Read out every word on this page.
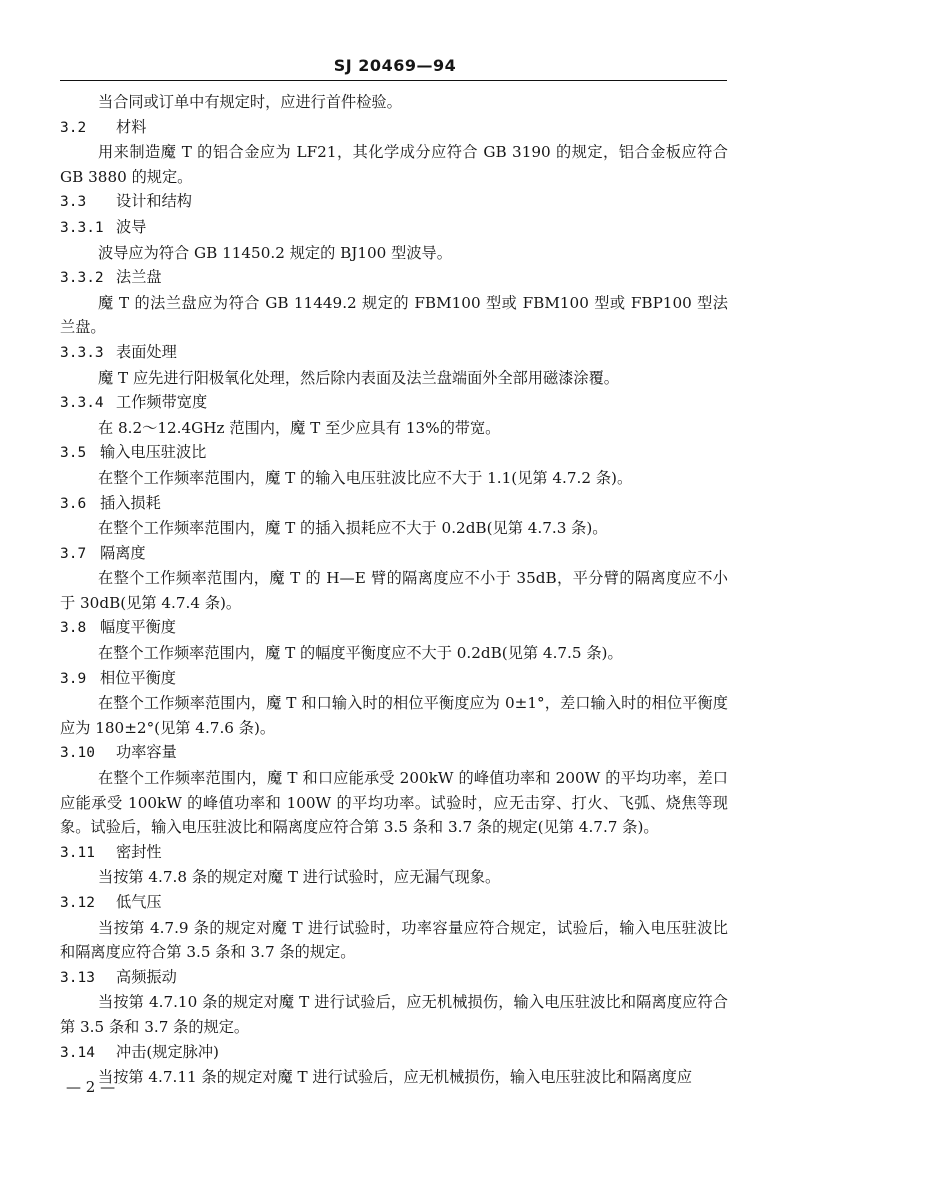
SJ 20469—94

当合同或订单中有规定时，应进行首件检验。

3.2 材料

用来制造魔 T 的铝合金应为 LF21，其化学成分应符合 GB 3190 的规定，铝合金板应符合 GB 3880 的规定。

3.3 设计和结构

3.3.1 波导

波导应为符合 GB 11450.2 规定的 BJ100 型波导。

3.3.2 法兰盘

魔 T 的法兰盘应为符合 GB 11449.2 规定的 FBM100 型或 FBM100 型或 FBP100 型法兰盘。

3.3.3 表面处理

魔 T 应先进行阳极氧化处理，然后除内表面及法兰盘端面外全部用磁漆涂覆。

3.3.4 工作频带宽度

在 8.2～12.4GHz 范围内，魔 T 至少应具有 13%的带宽。

3.5 输入电压驻波比

在整个工作频率范围内，魔 T 的输入电压驻波比应不大于 1.1(见第 4.7.2 条)。

3.6 插入损耗

在整个工作频率范围内，魔 T 的插入损耗应不大于 0.2dB(见第 4.7.3 条)。

3.7 隔离度

在整个工作频率范围内，魔 T 的 H—E 臂的隔离度应不小于 35dB，平分臂的隔离度应不小于 30dB(见第 4.7.4 条)。

3.8 幅度平衡度

在整个工作频率范围内，魔 T 的幅度平衡度应不大于 0.2dB(见第 4.7.5 条)。

3.9 相位平衡度

在整个工作频率范围内，魔 T 和口输入时的相位平衡度应为 0±1°，差口输入时的相位平衡度应为 180±2°(见第 4.7.6 条)。

3.10 功率容量

在整个工作频率范围内，魔 T 和口应能承受 200kW 的峰值功率和 200W 的平均功率，差口应能承受 100kW 的峰值功率和 100W 的平均功率。试验时，应无击穿、打火、飞弧、烧焦等现象。试验后，输入电压驻波比和隔离度应符合第 3.5 条和 3.7 条的规定(见第 4.7.7 条)。

3.11 密封性

当按第 4.7.8 条的规定对魔 T 进行试验时，应无漏气现象。

3.12 低气压

当按第 4.7.9 条的规定对魔 T 进行试验时，功率容量应符合规定，试验后，输入电压驻波比和隔离度应符合第 3.5 条和 3.7 条的规定。

3.13 高频振动

当按第 4.7.10 条的规定对魔 T 进行试验后，应无机械损伤，输入电压驻波比和隔离度应符合第 3.5 条和 3.7 条的规定。

3.14 冲击(规定脉冲)

当按第 4.7.11 条的规定对魔 T 进行试验后，应无机械损伤，输入电压驻波比和隔离度应

— 2 —
